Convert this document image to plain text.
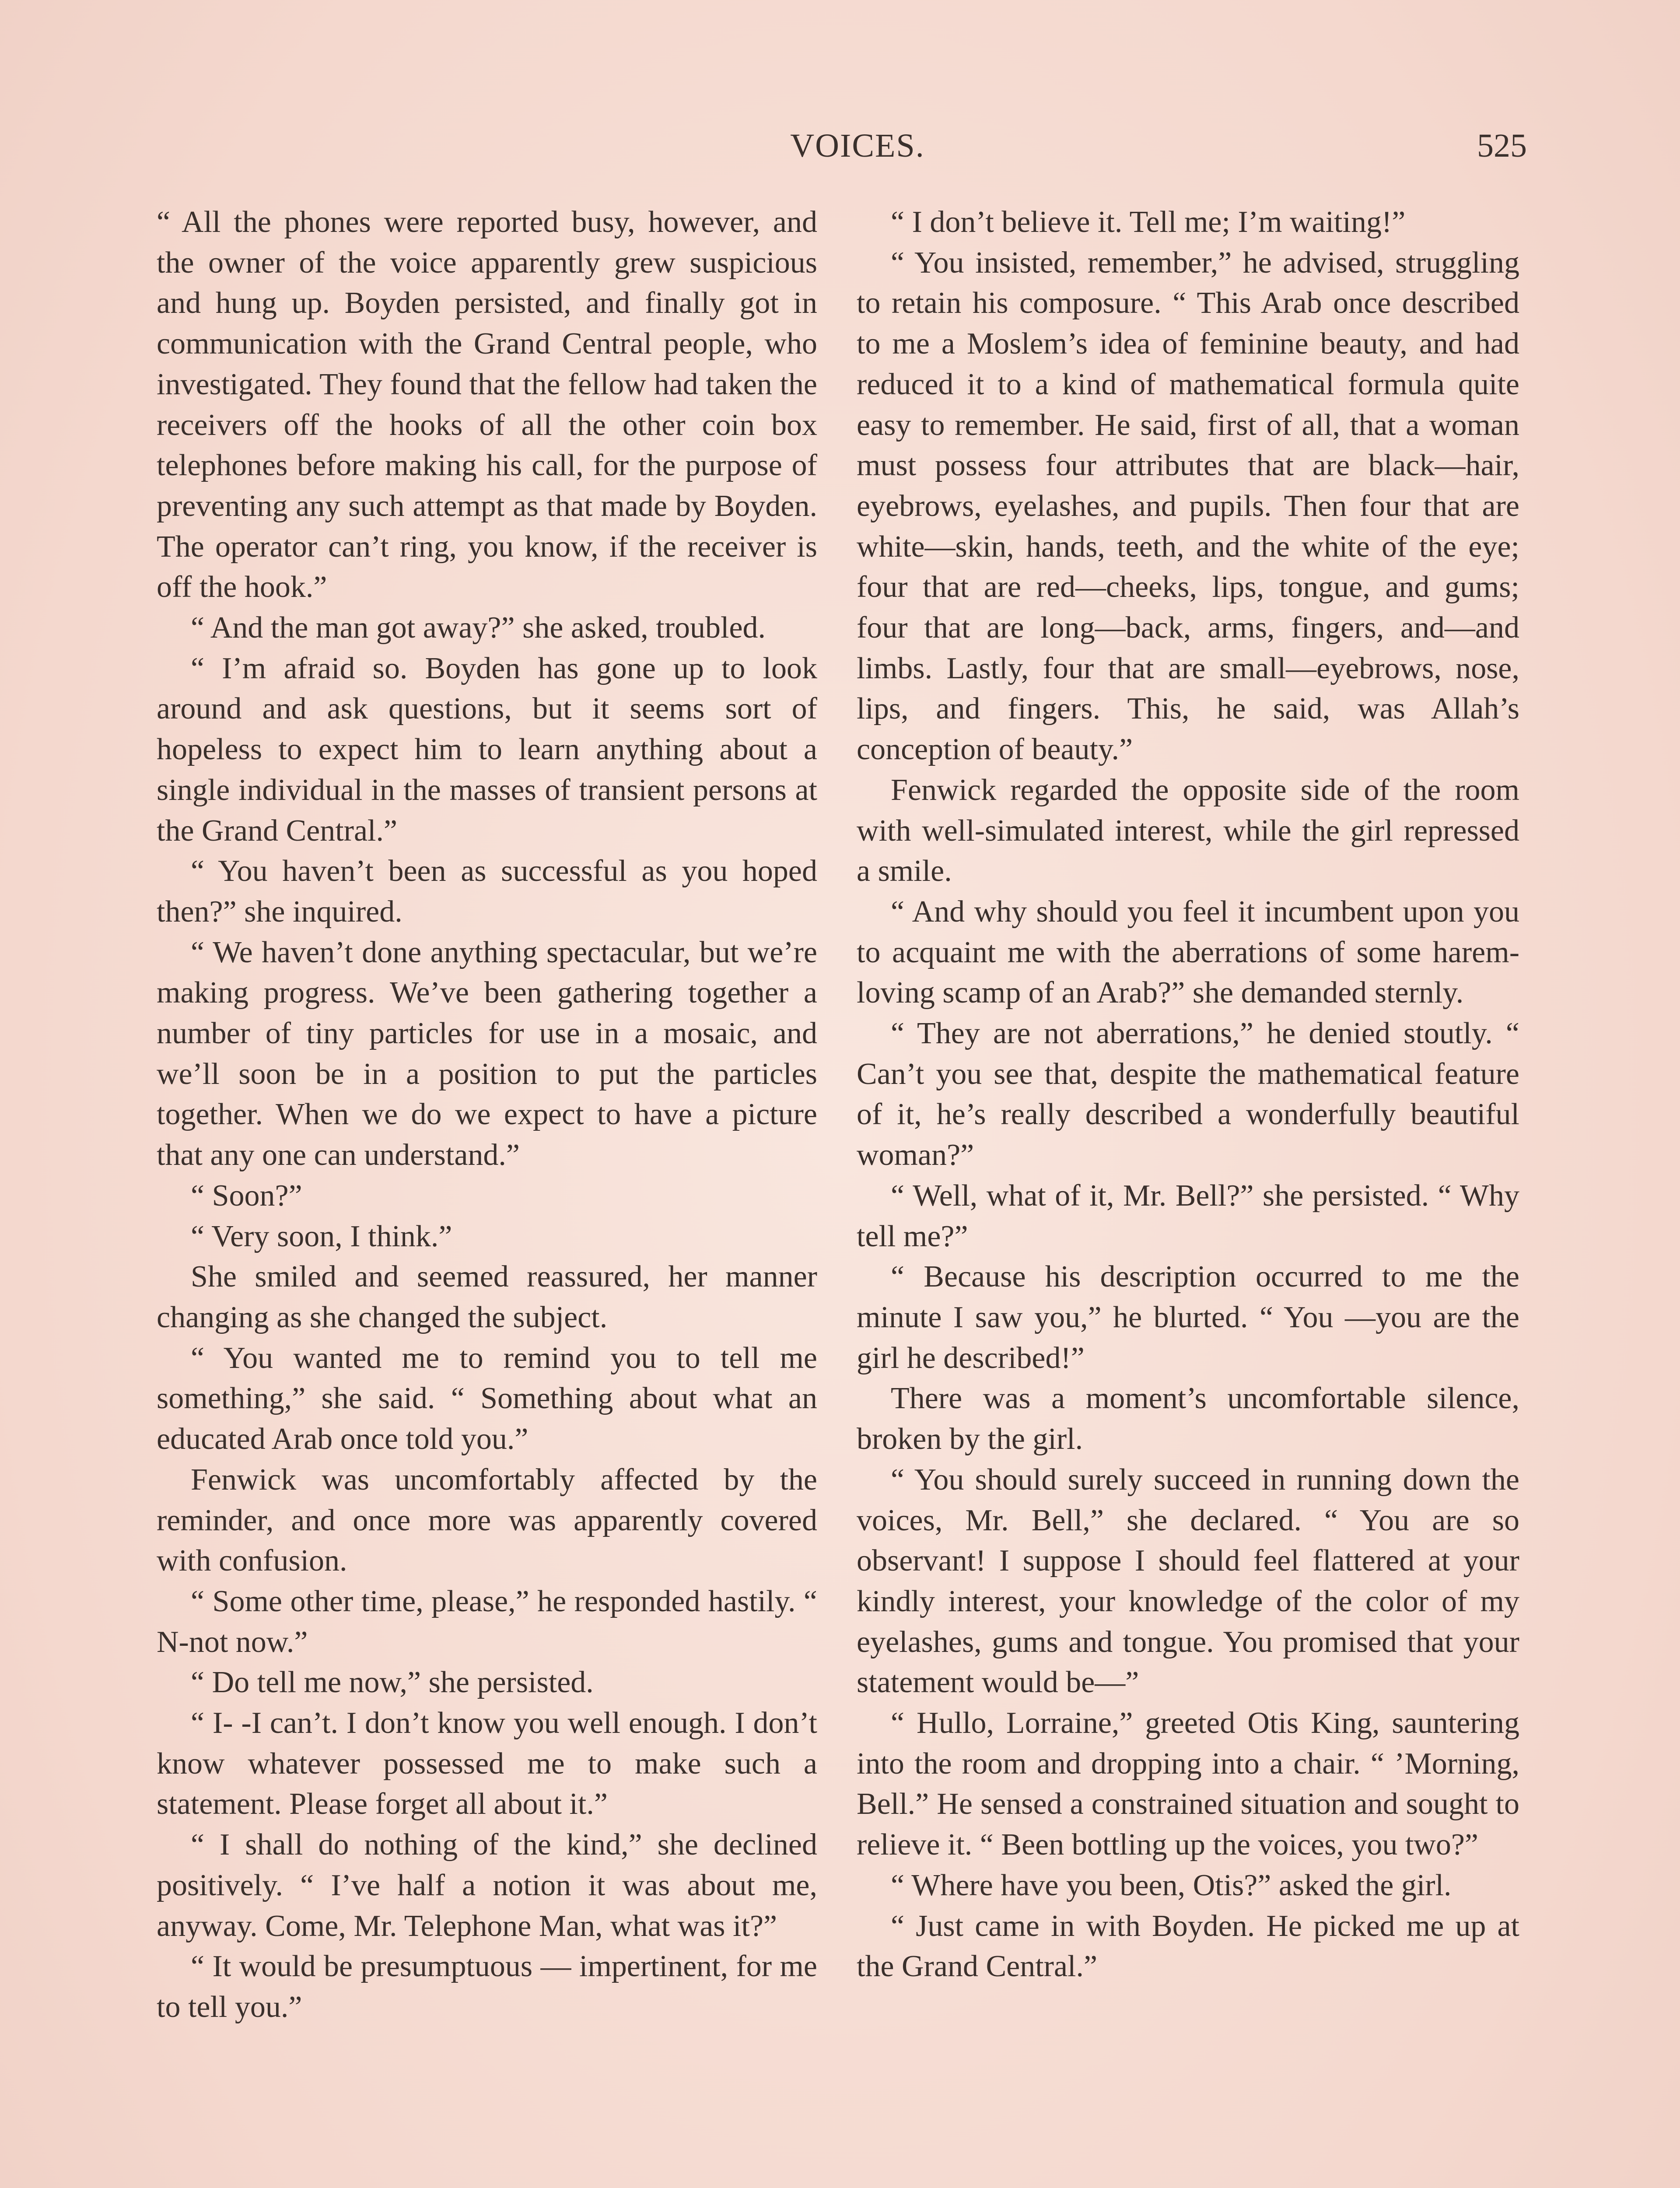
VOICES.	525

“ All the phones were reported busy, however, and the owner of the voice apparently grew suspicious and hung up. Boyden persisted, and finally got in communication with the Grand Central people, who investigated. They found that the fellow had taken the receivers off the hooks of all the other coin box telephones before making his call, for the purpose of preventing any such attempt as that made by Boyden. The operator can’t ring, you know, if the receiver is off the hook.”

“ And the man got away?” she asked, troubled.

“ I’m afraid so. Boyden has gone up to look around and ask questions, but it seems sort of hopeless to expect him to learn anything about a single individual in the masses of transient persons at the Grand Central.”

“ You haven’t been as successful as you hoped then?” she inquired.

“ We haven’t done anything spectacular, but we’re making progress. We’ve been gathering together a number of tiny particles for use in a mosaic, and we’ll soon be in a position to put the particles together. When we do we expect to have a picture that any one can understand.”

“ Soon?”

“ Very soon, I think.”

She smiled and seemed reassured, her manner changing as she changed the subject.

“ You wanted me to remind you to tell me something,” she said. “ Something about what an educated Arab once told you.”

Fenwick was uncomfortably affected by the reminder, and once more was apparently covered with confusion.

“ Some other time, please,” he responded hastily. “ N-not now.”

“ Do tell me now,” she persisted.

“ I- -I can’t. I don’t know you well enough. I don’t know whatever possessed me to make such a statement. Please forget all about it.”

“ I shall do nothing of the kind,” she declined positively. “ I’ve half a notion it was about me, anyway. Come, Mr. Telephone Man, what was it?”

“ It would be presumptuous — impertinent, for me to tell you.”

“ I don’t believe it. Tell me; I’m waiting!”

“ You insisted, remember,” he advised, struggling to retain his composure. “ This Arab once described to me a Moslem’s idea of feminine beauty, and had reduced it to a kind of mathematical formula quite easy to remember. He said, first of all, that a woman must possess four attributes that are black—hair, eyebrows, eyelashes, and pupils. Then four that are white—skin, hands, teeth, and the white of the eye; four that are red—cheeks, lips, tongue, and gums; four that are long—back, arms, fingers, and—and limbs. Lastly, four that are small—eyebrows, nose, lips, and fingers. This, he said, was Allah’s conception of beauty.”

Fenwick regarded the opposite side of the room with well-simulated interest, while the girl repressed a smile.

“ And why should you feel it incumbent upon you to acquaint me with the aberrations of some harem-loving scamp of an Arab?” she demanded sternly.

“ They are not aberrations,” he denied stoutly. “ Can’t you see that, despite the mathematical feature of it, he’s really described a wonderfully beautiful woman?”

“ Well, what of it, Mr. Bell?” she persisted. “ Why tell me?”

“ Because his description occurred to me the minute I saw you,” he blurted. “ You —you are the girl he described!”

There was a moment’s uncomfortable silence, broken by the girl.

“ You should surely succeed in running down the voices, Mr. Bell,” she declared. “ You are so observant! I suppose I should feel flattered at your kindly interest, your knowledge of the color of my eyelashes, gums and tongue. You promised that your statement would be—”

“ Hullo, Lorraine,” greeted Otis King, sauntering into the room and dropping into a chair. “ ’Morning, Bell.” He sensed a constrained situation and sought to relieve it. “ Been bottling up the voices, you two?”

“ Where have you been, Otis?” asked the girl.

“ Just came in with Boyden. He picked me up at the Grand Central.”
